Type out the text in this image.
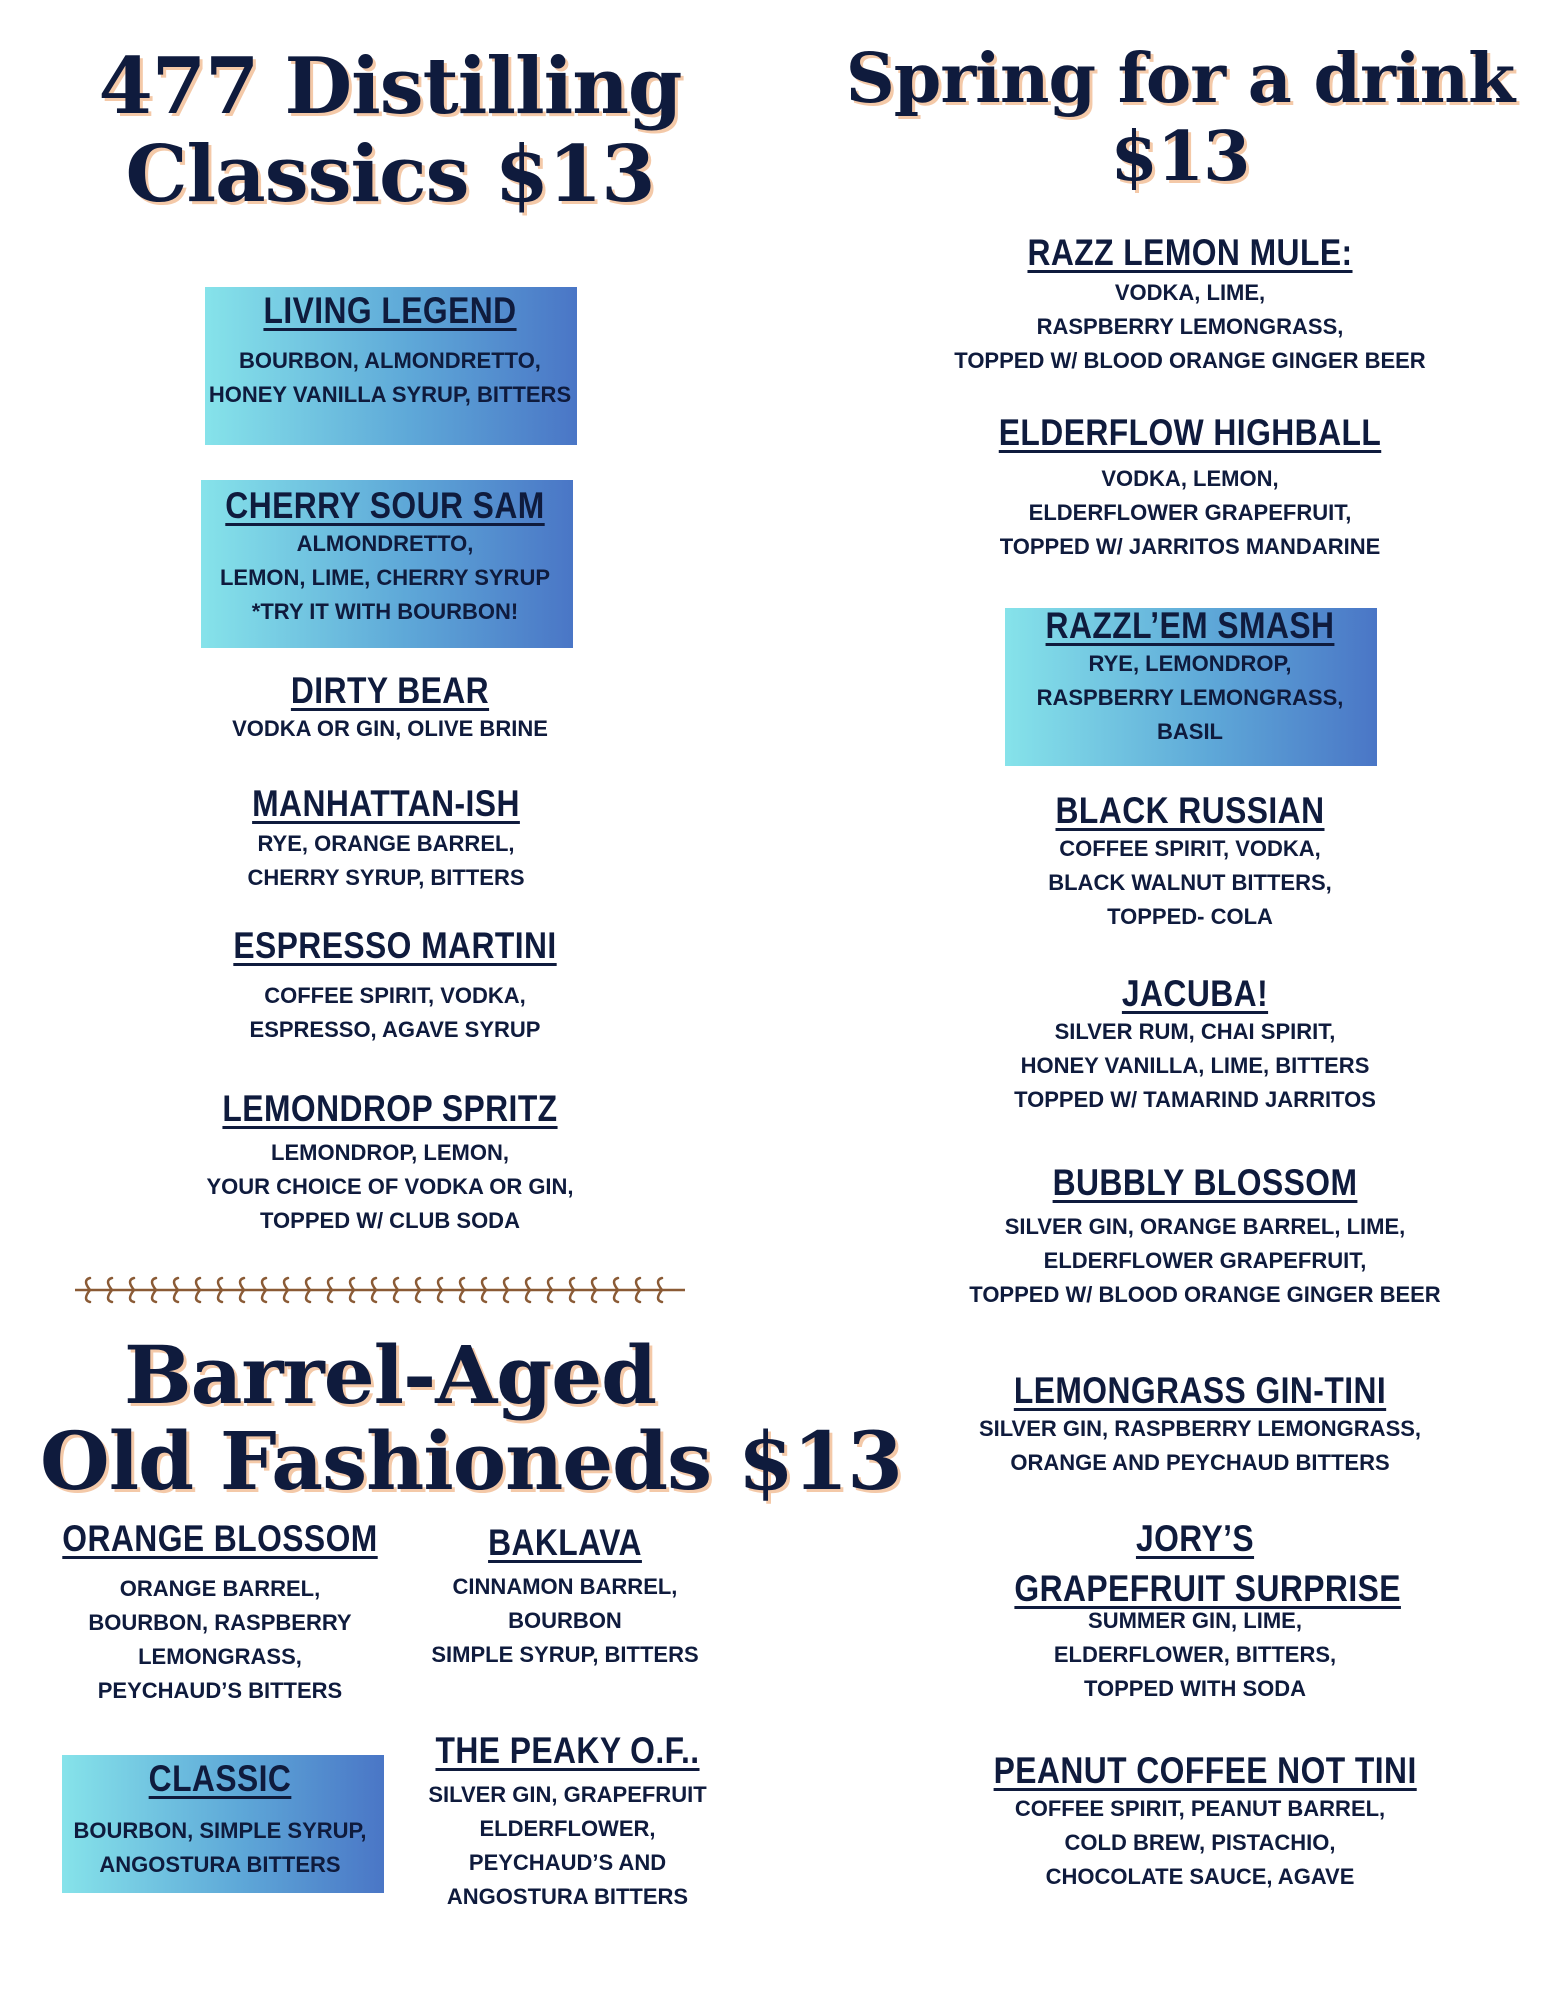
477 Distilling
Classics $13
LIVING LEGEND
BOURBON, ALMONDRETTO,
HONEY VANILLA SYRUP, BITTERS
CHERRY SOUR SAM
ALMONDRETTO,
LEMON, LIME, CHERRY SYRUP
*TRY IT WITH BOURBON!
DIRTY BEAR
VODKA OR GIN, OLIVE BRINE
MANHATTAN-ISH
RYE, ORANGE BARREL,
CHERRY SYRUP, BITTERS
ESPRESSO MARTINI
COFFEE SPIRIT, VODKA,
ESPRESSO, AGAVE SYRUP
LEMONDROP SPRITZ
LEMONDROP, LEMON,
YOUR CHOICE OF VODKA OR GIN,
TOPPED W/ CLUB SODA
Barrel-Aged
Old Fashioneds $13
ORANGE BLOSSOM
ORANGE BARREL,
BOURBON, RASPBERRY
LEMONGRASS,
PEYCHAUD’S BITTERS
BAKLAVA
CINNAMON BARREL,
BOURBON
SIMPLE SYRUP, BITTERS
CLASSIC
BOURBON, SIMPLE SYRUP,
ANGOSTURA BITTERS
THE PEAKY O.F..
SILVER GIN, GRAPEFRUIT
ELDERFLOWER,
PEYCHAUD’S AND
ANGOSTURA BITTERS
Spring for a drink
$13
RAZZ LEMON MULE:
VODKA, LIME,
RASPBERRY LEMONGRASS,
TOPPED W/ BLOOD ORANGE GINGER BEER
ELDERFLOW HIGHBALL
VODKA, LEMON,
ELDERFLOWER GRAPEFRUIT,
TOPPED W/ JARRITOS MANDARINE
RAZZL’EM SMASH
RYE, LEMONDROP,
RASPBERRY LEMONGRASS,
BASIL
BLACK RUSSIAN
COFFEE SPIRIT, VODKA,
BLACK WALNUT BITTERS,
TOPPED- COLA
JACUBA!
SILVER RUM, CHAI SPIRIT,
HONEY VANILLA, LIME, BITTERS
TOPPED W/ TAMARIND JARRITOS
BUBBLY BLOSSOM
SILVER GIN, ORANGE BARREL, LIME,
ELDERFLOWER GRAPEFRUIT,
TOPPED W/ BLOOD ORANGE GINGER BEER
LEMONGRASS GIN-TINI
SILVER GIN, RASPBERRY LEMONGRASS,
ORANGE AND PEYCHAUD BITTERS
JORY’S
GRAPEFRUIT SURPRISE
SUMMER GIN, LIME,
ELDERFLOWER, BITTERS,
TOPPED WITH SODA
PEANUT COFFEE NOT TINI
COFFEE SPIRIT, PEANUT BARREL,
COLD BREW, PISTACHIO,
CHOCOLATE SAUCE, AGAVE
